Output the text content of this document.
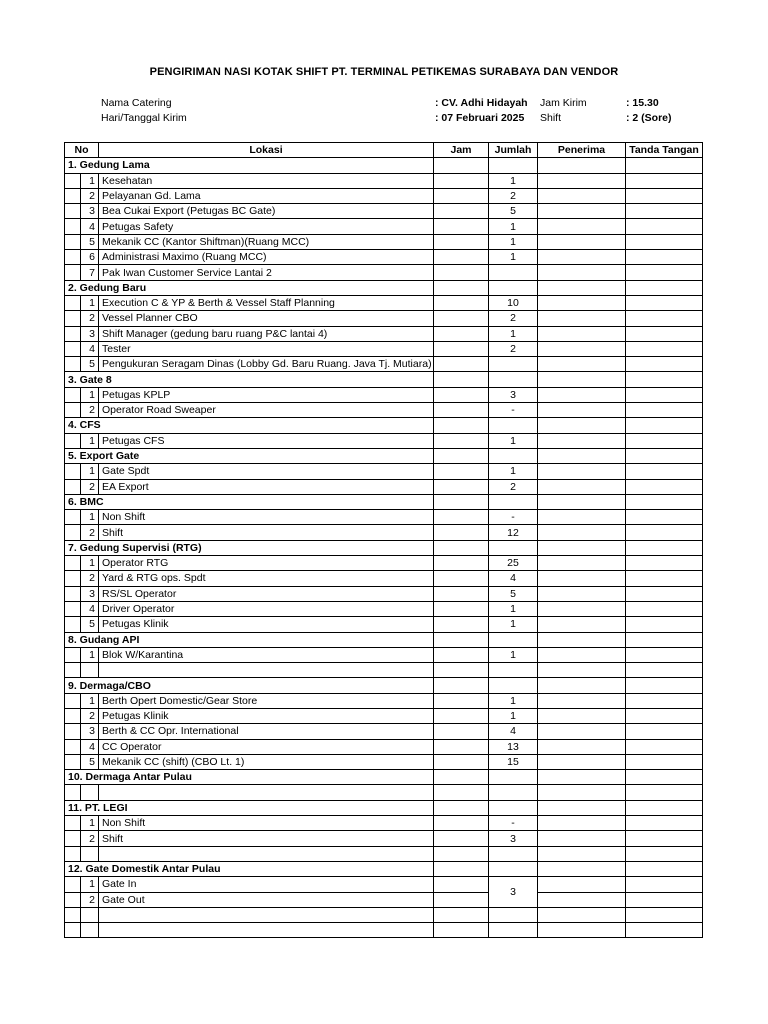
PENGIRIMAN NASI KOTAK SHIFT PT. TERMINAL PETIKEMAS SURABAYA DAN VENDOR
Nama Catering	: CV. Adhi Hidayah Jam Kirim	: 15.30
Hari/Tanggal Kirim	: 07 Februari 2025 Shift	: 2 (Sore)
No		Lokasi	Jam	Jumlah	Penerima	Tanda Tangan
1. Gedung Lama						
	1	Kesehatan		1		
	2	Pelayanan Gd. Lama		2		
	3	Bea Cukai Export (Petugas BC Gate)		5		
	4	Petugas Safety		1		
	5	Mekanik CC (Kantor Shiftman)(Ruang MCC)		1		
	6	Administrasi Maximo (Ruang MCC)		1		
	7	Pak Iwan Customer Service Lantai 2				
2. Gedung Baru						
	1	Execution C & YP & Berth & Vessel Staff Planning		10		
	2	Vessel Planner CBO		2		
	3	Shift Manager (gedung baru ruang P&C lantai 4)		1		
	4	Tester		2		
	5	Pengukuran Seragam Dinas (Lobby Gd. Baru Ruang. Java Tj. Mutiara)				
3. Gate 8						
	1	Petugas KPLP		3		
	2	Operator Road Sweaper		-		
4. CFS						
	1	Petugas CFS		1		
5. Export Gate						
	1	Gate Spdt		1		
	2	EA Export		2		
6. BMC						
	1	Non Shift		-		
	2	Shift		12		
7. Gedung Supervisi (RTG)						
	1	Operator RTG		25		
	2	Yard & RTG ops. Spdt		4		
	3	RS/SL Operator		5		
	4	Driver Operator		1		
	5	Petugas Klinik		1		
8. Gudang API						
	1	Blok W/Karantina		1		

9. Dermaga/CBO						
	1	Berth Opert Domestic/Gear Store		1		
	2	Petugas Klinik		1		
	3	Berth & CC Opr. International		4		
	4	CC Operator		13		
	5	Mekanik CC (shift) (CBO Lt. 1)		15		
10. Dermaga Antar Pulau						

11. PT. LEGI						
	1	Non Shift		-		
	2	Shift		3		

12. Gate Domestik Antar Pulau						
	1	Gate In		3		
	2	Gate Out				
